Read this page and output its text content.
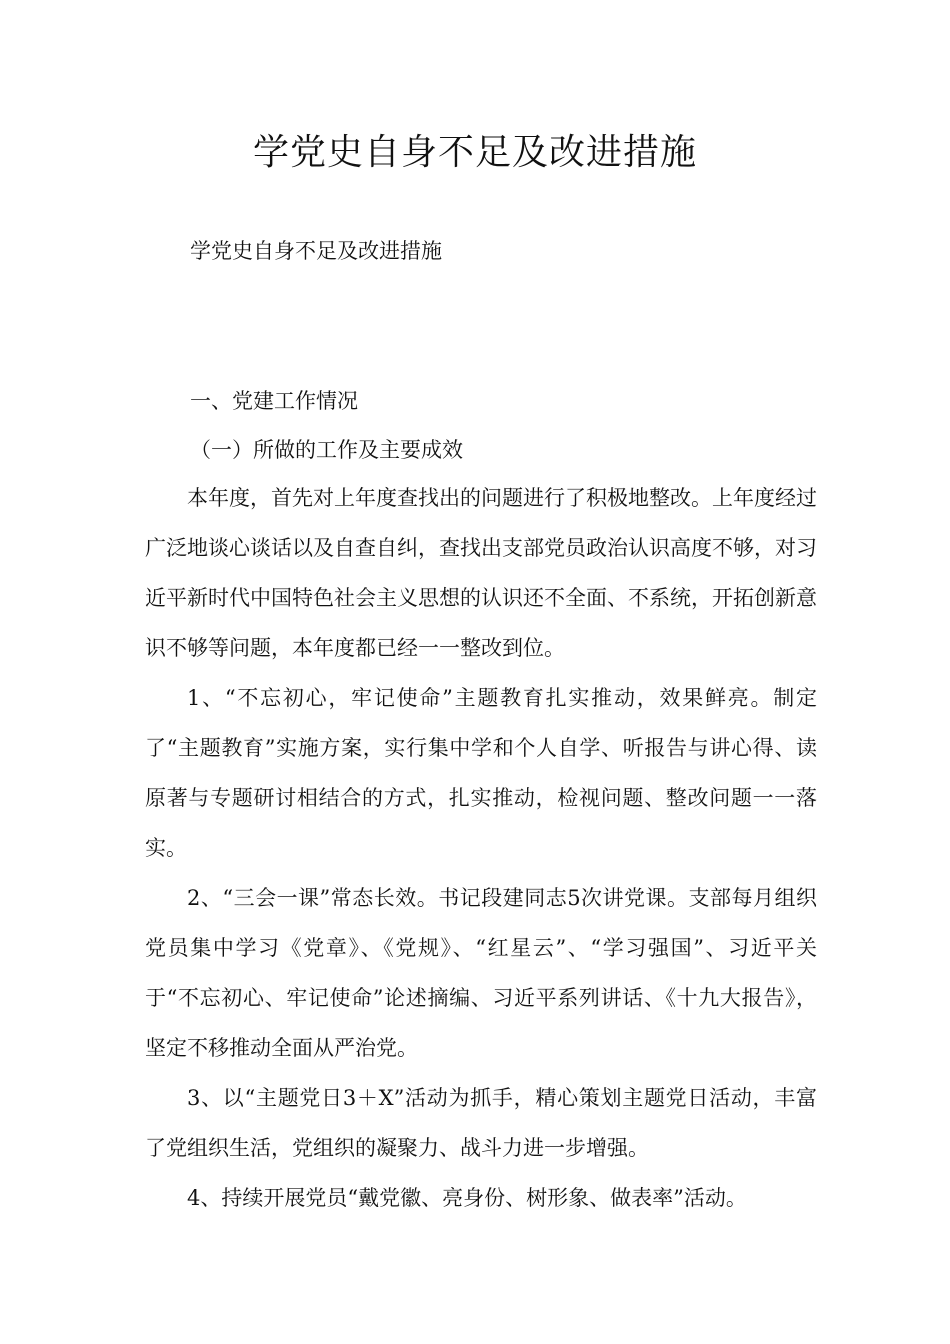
学党史自身不足及改进措施

学党史自身不足及改进措施

一、党建工作情况

（一）所做的工作及主要成效

本年度，首先对上年度查找出的问题进行了积极地整改。上年度经过广泛地谈心谈话以及自查自纠，查找出支部党员政治认识高度不够，对习近平新时代中国特色社会主义思想的认识还不全面、不系统，开拓创新意识不够等问题，本年度都已经一一整改到位。

1、“不忘初心，牢记使命”主题教育扎实推动，效果鲜亮。制定了“主题教育”实施方案，实行集中学和个人自学、听报告与讲心得、读原著与专题研讨相结合的方式，扎实推动，检视问题、整改问题一一落实。

2、“三会一课”常态长效。书记段建同志5次讲党课。支部每月组织党员集中学习《党章》、《党规》、“红星云”、“学习强国”、习近平关于“不忘初心、牢记使命”论述摘编、习近平系列讲话、《十九大报告》，坚定不移推动全面从严治党。

3、以“主题党日3＋X”活动为抓手，精心策划主题党日活动，丰富了党组织生活，党组织的凝聚力、战斗力进一步增强。

4、持续开展党员“戴党徽、亮身份、树形象、做表率”活动。
